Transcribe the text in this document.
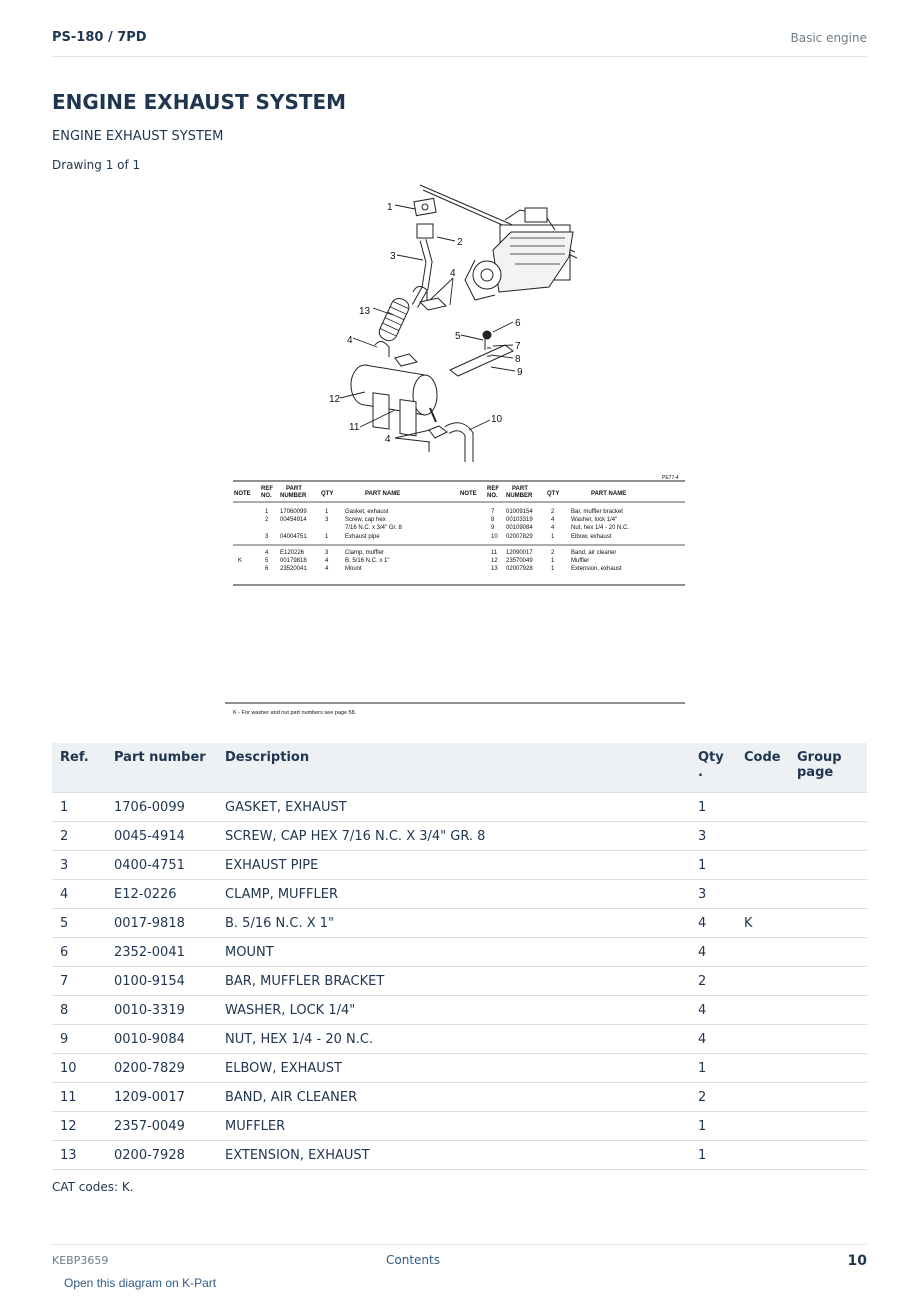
PS-180 / 7PD	Basic engine
ENGINE EXHAUST SYSTEM
ENGINE EXHAUST SYSTEM
Drawing 1 of 1
1
2
3
4
13
5
6
7
8
9
4
12
11
10
4
PE77-4
NOTE
REF
NO.
PART
NUMBER QTY	PART NAME	NOTE
REF
NO.
PART
NUMBER QTY	PART NAME
1 17060099	1	Gasket, exhaust
2 00454914	3	Screw, cap hex
7/16 N.C. x 3/4" Gr. 8
3 04004751	1	Exhaust pipe
4 E120226	3	Clamp, muffler
K	5 00179818	4	B. 5/16 N.C. x 1"
6 23520041	4	Mount
7 01009154	2	Bar, muffler bracket
8 00103319	4	Washer, lock 1/4"
9 00109084	4	Nut, hex 1/4 - 20 N.C.
10 02007829	1	Elbow, exhaust
11 12090017	2	Band, air cleaner
12 23570049	1	Muffler
13 02007928	1	Extension, exhaust
K - For washer and nut part numbers see page 58.
Ref.	Part number	Description	Qty .	Code	Group page
1	1706-0099	GASKET, EXHAUST	1		
2	0045-4914	SCREW, CAP HEX 7/16 N.C. X 3/4" GR. 8	3		
3	0400-4751	EXHAUST PIPE	1		
4	E12-0226	CLAMP, MUFFLER	3		
5	0017-9818	B. 5/16 N.C. X 1"	4	K	
6	2352-0041	MOUNT	4		
7	0100-9154	BAR, MUFFLER BRACKET	2		
8	0010-3319	WASHER, LOCK 1/4"	4		
9	0010-9084	NUT, HEX 1/4 - 20 N.C.	4		
10	0200-7829	ELBOW, EXHAUST	1		
11	1209-0017	BAND, AIR CLEANER	2		
12	2357-0049	MUFFLER	1		
13	0200-7928	EXTENSION, EXHAUST	1		
CAT codes: K.
KEBP3659	Contents	10
Open this diagram on K-Part
